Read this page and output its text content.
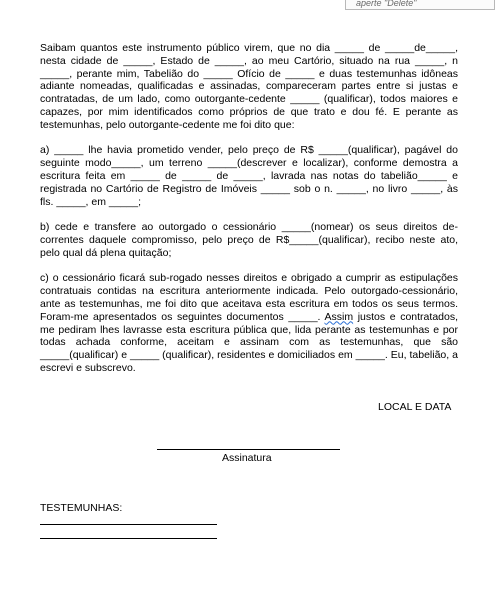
aperte "Delete"

Saibam quantos este instrumento público virem, que no dia _____ de _____de_____, nesta cidade de _____, Estado de _____, ao meu Cartório, situado na rua _____, n _____, perante mim, Tabelião do _____ Ofício de _____ e duas testemunhas idôneas adiante nomeadas, qualificadas e assinadas, compareceram partes entre si justas e contratadas, de um lado, como outorgante-cedente _____ (qualificar), todos maiores e capazes, por mim identificados como próprios de que trato e dou fé. E perante as testemunhas, pelo outorgante-cedente me foi dito que:

a) _____ lhe havia prometido vender, pelo preço de R$ _____(qualificar), pagável do seguinte modo_____, um terreno _____(descrever e localizar), conforme demostra a escritura feita em _____ de _____ de _____, lavrada nas notas do tabelião_____ e registrada no Cartório de Registro de Imóveis _____ sob o n. _____, no livro _____, às fls. _____, em _____;

b) cede e transfere ao outorgado o cessionário _____(nomear) os seus direitos decorrentes daquele compromisso, pelo preço de R$_____(qualificar), recibo neste ato, pelo qual dá plena quitação;

c) o cessionário ficará sub-rogado nesses direitos e obrigado a cumprir as estipulações contratuais contidas na escritura anteriormente indicada. Pelo outorgado-cessionário, ante as testemunhas, me foi dito que aceitava esta escritura em todos os seus termos. Foram-me apresentados os seguintes documentos _____. Assim justos e contratados, me pediram lhes lavrasse esta escritura pública que, lida perante as testemunhas e por todas achada conforme, aceitam e assinam com as testemunhas, que são _____(qualificar) e _____ (qualificar), residentes e domiciliados em _____. Eu, tabelião, a escrevi e subscrevo.

LOCAL E DATA
Assinatura
TESTEMUNHAS:
